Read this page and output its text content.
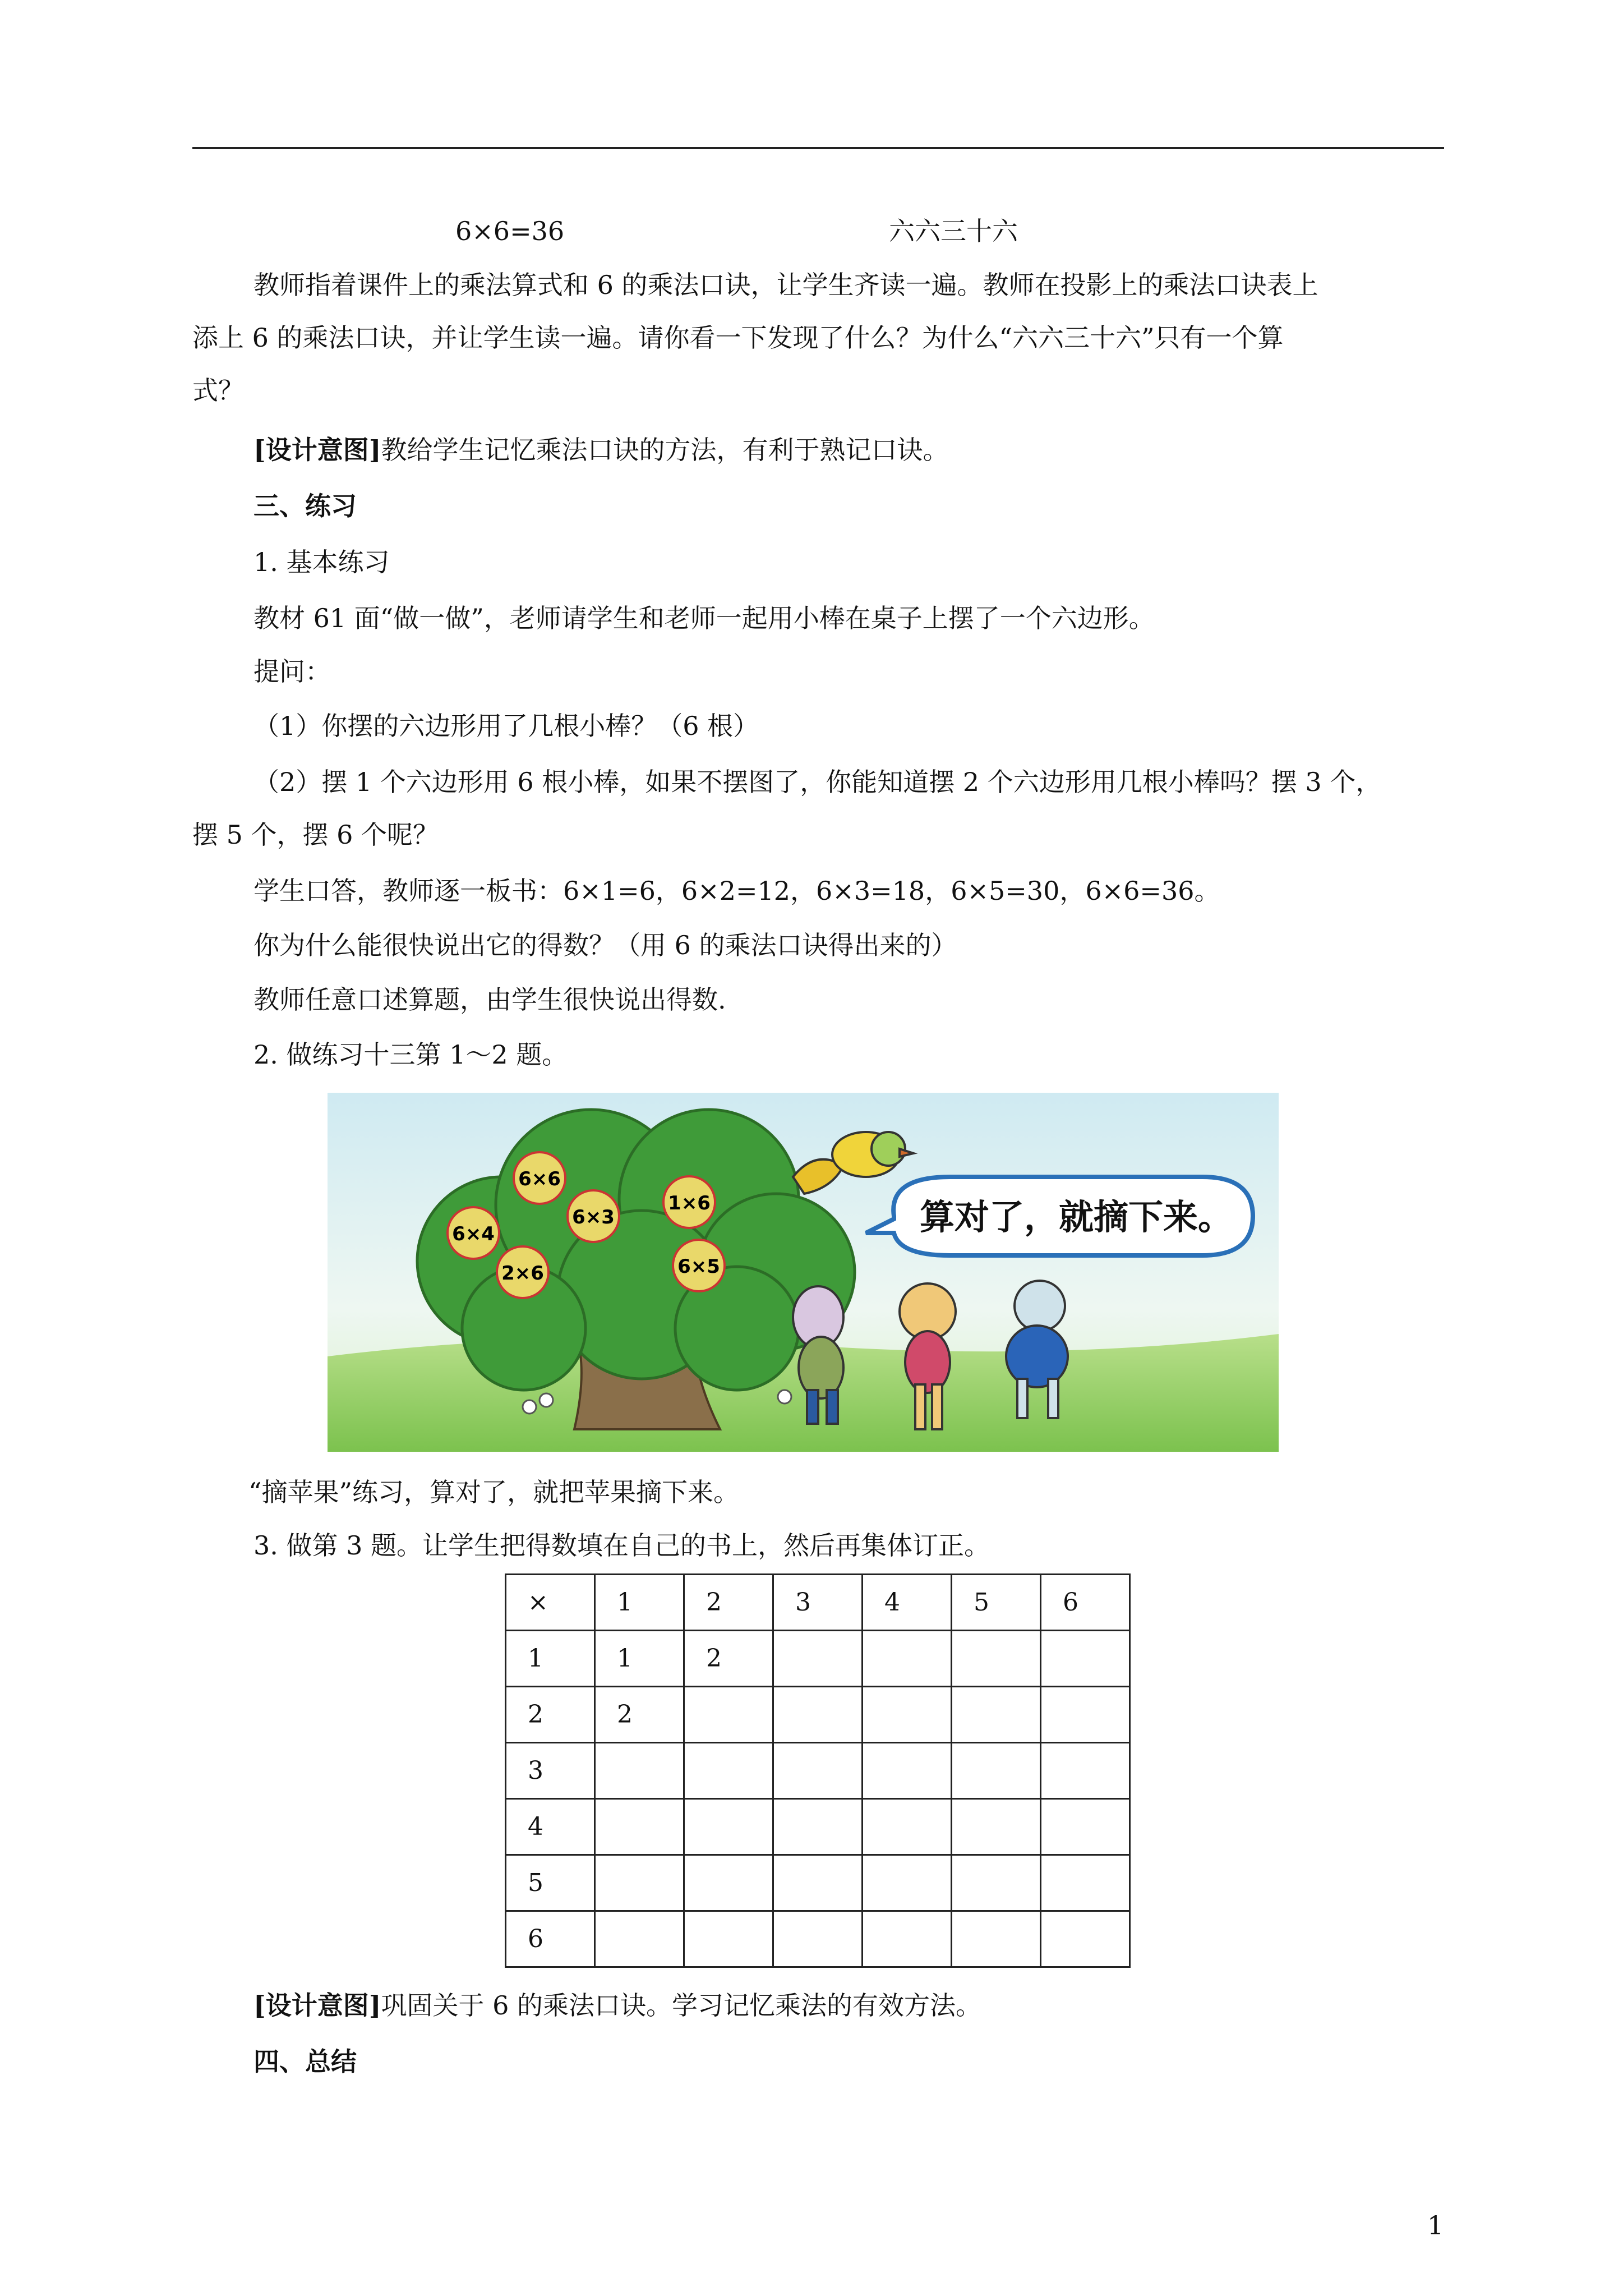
6×6=36	六六三十六
教师指着课件上的乘法算式和 6 的乘法口诀，让学生齐读一遍。教师在投影上的乘法口诀表上
添上 6 的乘法口诀，并让学生读一遍。请你看一下发现了什么？为什么“六六三十六”只有一个算
式？
[设计意图]教给学生记忆乘法口诀的方法，有利于熟记口诀。
三、练习
1. 基本练习
教材 61 面“做一做”，老师请学生和老师一起用小棒在桌子上摆了一个六边形。
提问：
（1）你摆的六边形用了几根小棒？（6 根）
（2）摆 1 个六边形用 6 根小棒，如果不摆图了，你能知道摆 2 个六边形用几根小棒吗？摆 3 个，
摆 5 个，摆 6 个呢？
学生口答，教师逐一板书：6×1=6，6×2=12，6×3=18，6×5=30，6×6=36。
你为什么能很快说出它的得数？（用 6 的乘法口诀得出来的）
教师任意口述算题，由学生很快说出得数.
2. 做练习十三第 1～2 题。
6×6
6×4
6×3
1×6
2×6	6×5
算对了，就摘下来。
“摘苹果”练习，算对了，就把苹果摘下来。
3. 做第 3 题。让学生把得数填在自己的书上，然后再集体订正。
×	1	2	3	4	5	6
1	1	2				
2	2					
3						
4						
5						
6						
[设计意图]巩固关于 6 的乘法口诀。学习记忆乘法的有效方法。
四、总结
1
